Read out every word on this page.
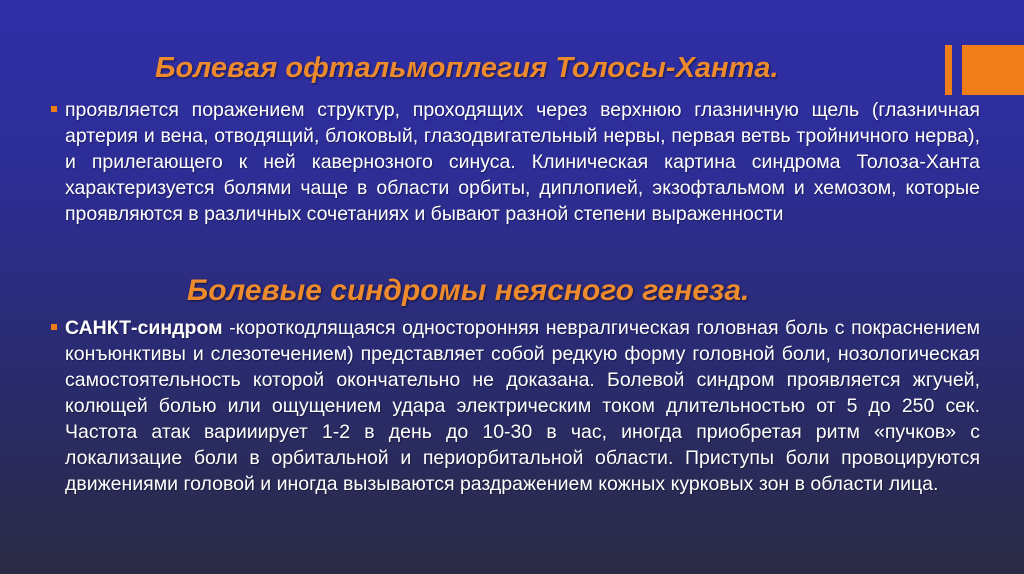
Болевая офтальмоплегия Толосы-Ханта.
проявляется поражением структур, проходящих через верхнюю глазничную щель (глазничная артерия и вена, отводящий, блоковый, глазодвигательный нервы, первая ветвь тройничного нерва), и прилегающего к ней кавернозного синуса. Клиническая картина синдрома Толоза-Ханта характеризуется болями чаще в области орбиты, диплопией, экзофтальмом и хемозом, которые проявляются в различных сочетаниях и бывают разной степени выраженности
Болевые синдромы неясного генеза.
САНКТ-синдром -короткодлящаяся односторонняя невралгическая головная боль с покраснением конъюнктивы и слезотечением) представляет собой редкую форму головной боли, нозологическая самостоятельность которой окончательно не доказана. Болевой синдром проявляется жгучей, колющей болью или ощущением удара электрическим током длительностью от 5 до 250 сек. Частота атак варииирует 1-2 в день до 10-30 в час, иногда приобретая ритм «пучков» с локализацие боли в орбитальной и периорбитальной области. Приступы боли провоцируются движениями головой и иногда вызываются раздражением кожных курковых зон в области лица.
